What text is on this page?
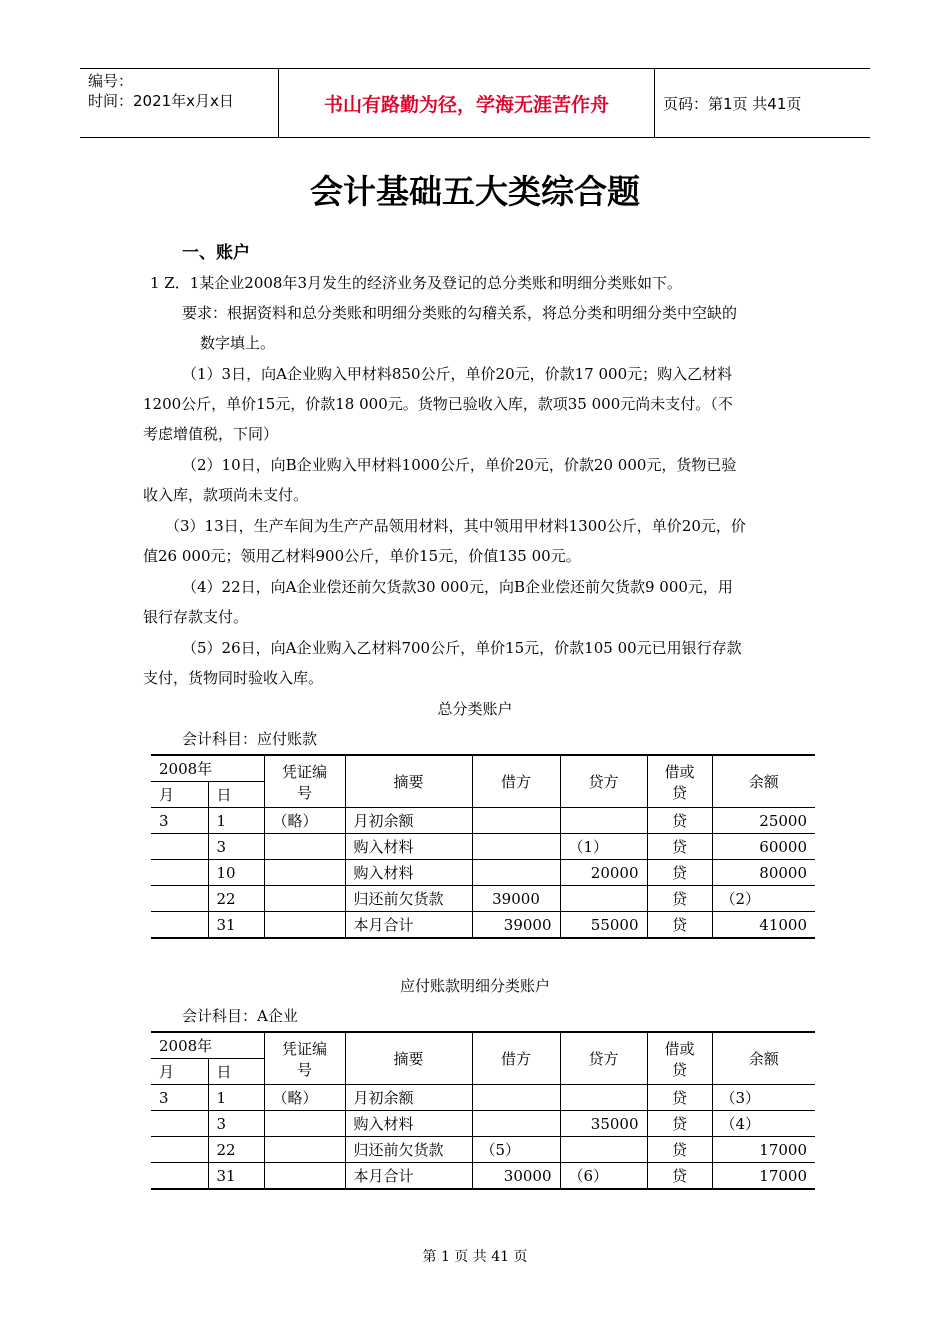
编号：
时间：2021年x月x日	书山有路勤为径，学海无涯苦作舟	页码：第1页 共41页
会计基础五大类综合题
一、账户
1 Z．1某企业2008年3月发生的经济业务及登记的总分类账和明细分类账如下。
要求：根据资料和总分类账和明细分类账的勾稽关系，将总分类和明细分类中空缺的
数字填上。
（1）3日，向A企业购入甲材料850公斤，单价20元，价款17 000元；购入乙材料
1200公斤，单价15元，价款18 000元。货物已验收入库，款项35 000元尚未支付。（不
考虑增值税，下同）
（2）10日，向B企业购入甲材料1000公斤，单价20元，价款20 000元，货物已验
收入库，款项尚未支付。
（3）13日，生产车间为生产产品领用材料，其中领用甲材料1300公斤，单价20元，价
值26 000元；领用乙材料900公斤，单价15元，价值135 00元。
（4）22日，向A企业偿还前欠货款30 000元，向B企业偿还前欠货款9 000元，用
银行存款支付。
（5）26日，向A企业购入乙材料700公斤，单价15元，价款105 00元已用银行存款
支付，货物同时验收入库。
总分类账户
会计科目：应付账款
2008年		凭证编
号	摘要	借方	贷方	借或
贷	余额
月	日						
3	1	（略）	月初余额			贷	25000
	3		购入材料		（1）	贷	60000
	10		购入材料		20000	贷	80000
	22		归还前欠货款	39000		贷	（2）
	31		本月合计	39000	55000	贷	41000
应付账款明细分类账户
会计科目：A企业
2008年		凭证编
号	摘要	借方	贷方	借或
贷	余额
月	日						
3	1	（略）	月初余额			贷	（3）
	3		购入材料		35000	贷	（4）
	22		归还前欠货款	（5）		贷	17000
	31		本月合计	30000	（6）	贷	17000
第 1 页 共 41 页
